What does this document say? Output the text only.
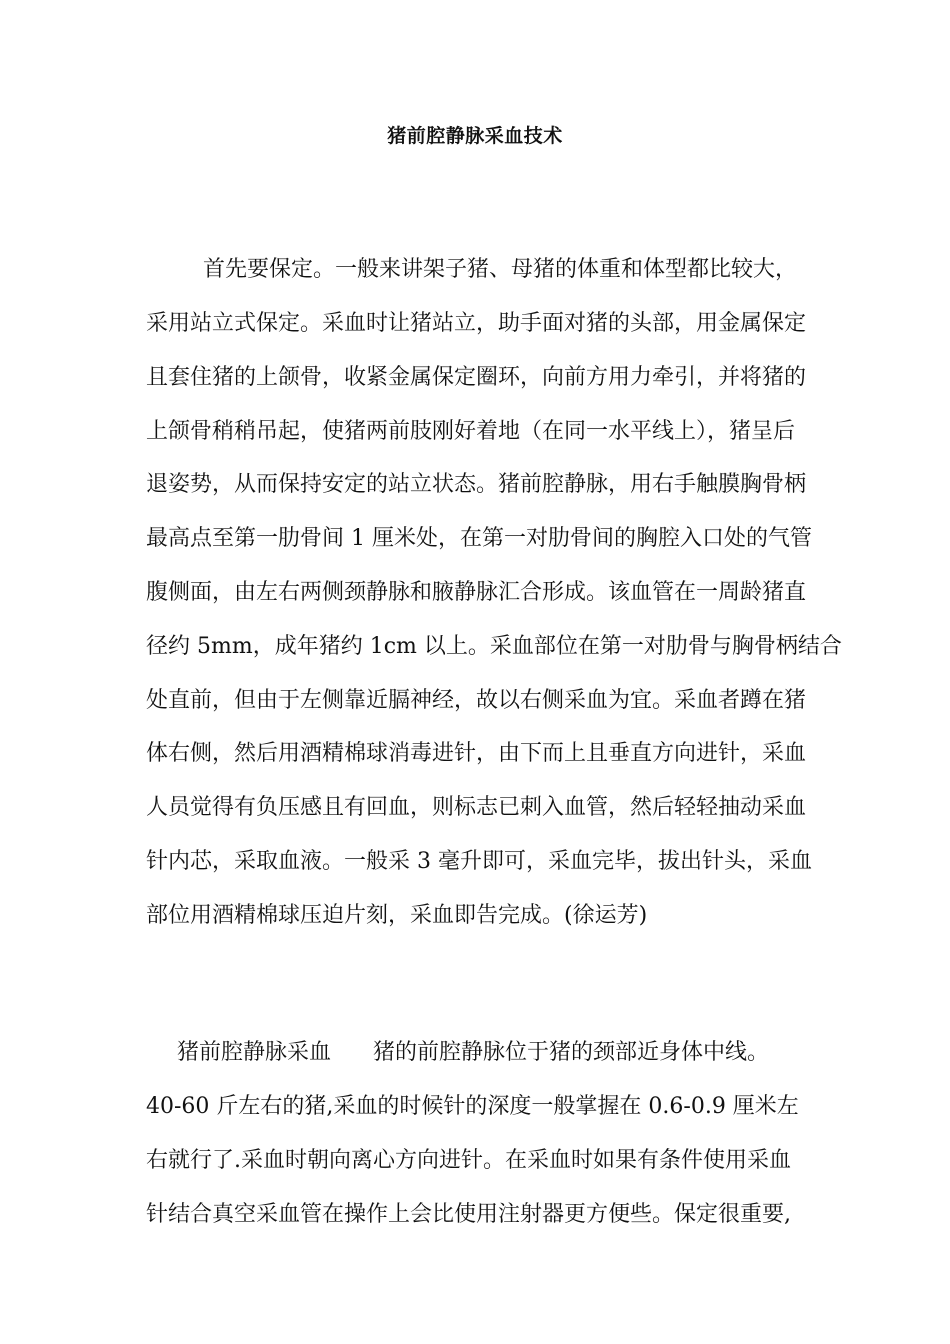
猪前腔静脉采血技术
首先要保定。一般来讲架子猪、母猪的体重和体型都比较大，
采用站立式保定。采血时让猪站立，助手面对猪的头部，用金属保定
且套住猪的上颌骨，收紧金属保定圈环，向前方用力牵引，并将猪的
上颌骨稍稍吊起，使猪两前肢刚好着地（在同一水平线上），猪呈后
退姿势，从而保持安定的站立状态。猪前腔静脉，用右手触膜胸骨柄
最高点至第一肋骨间 1 厘米处，在第一对肋骨间的胸腔入口处的气管
腹侧面，由左右两侧颈静脉和腋静脉汇合形成。该血管在一周龄猪直
径约 5mm，成年猪约 1cm 以上。采血部位在第一对肋骨与胸骨柄结合
处直前，但由于左侧靠近膈神经，故以右侧采血为宜。采血者蹲在猪
体右侧，然后用酒精棉球消毒进针，由下而上且垂直方向进针，采血
人员觉得有负压感且有回血，则标志已刺入血管，然后轻轻抽动采血
针内芯，采取血液。一般采 3 毫升即可，采血完毕，拔出针头，采血
部位用酒精棉球压迫片刻，采血即告完成。(徐运芳)
猪前腔静脉采血      猪的前腔静脉位于猪的颈部近身体中线。
40-60 斤左右的猪,采血的时候针的深度一般掌握在 0.6-0.9 厘米左
右就行了.采血时朝向离心方向进针。在采血时如果有条件使用采血
针结合真空采血管在操作上会比使用注射器更方便些。保定很重要,
